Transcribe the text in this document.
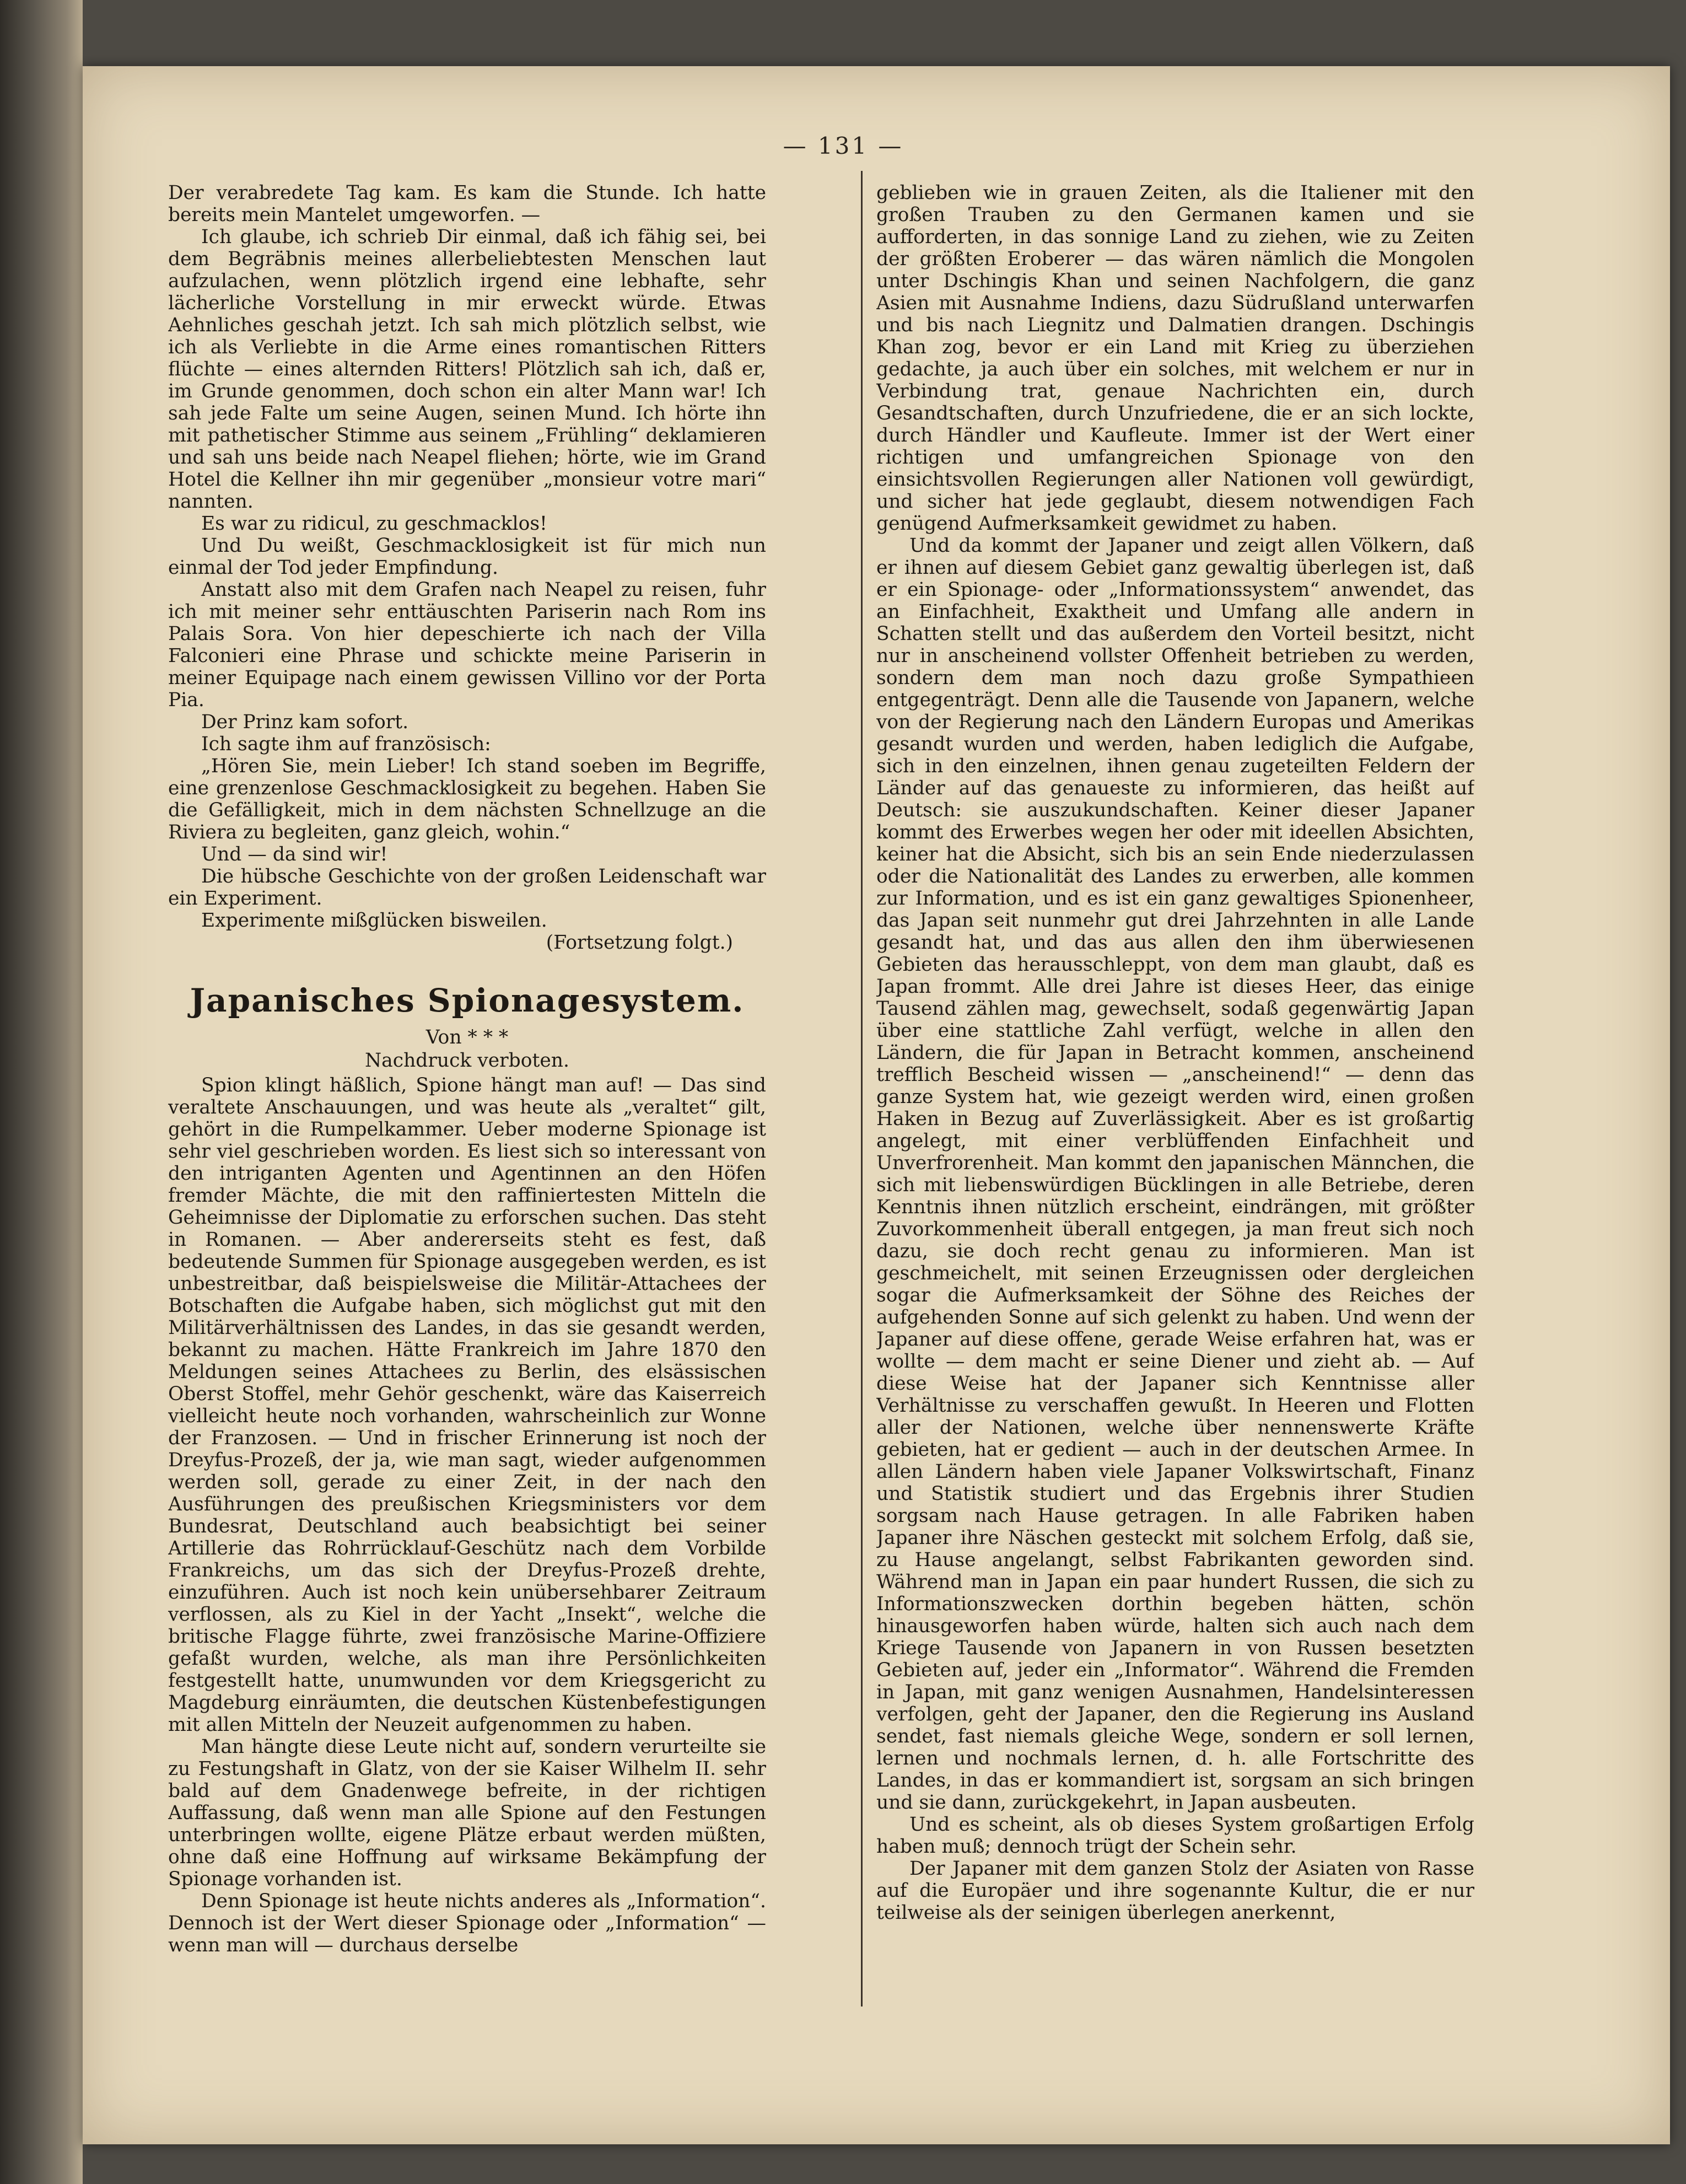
— 131 —

Der verabredete Tag kam. Es kam die Stunde. Ich hatte bereits mein Mantelet umgeworfen. —

Ich glaube, ich schrieb Dir einmal, daß ich fähig sei, bei dem Begräbnis meines allerbeliebtesten Menschen laut aufzulachen, wenn plötzlich irgend eine lebhafte, sehr lächerliche Vorstellung in mir erweckt würde. Etwas Aehnliches geschah jetzt. Ich sah mich plötzlich selbst, wie ich als Verliebte in die Arme eines romantischen Ritters flüchte — eines alternden Ritters! Plötzlich sah ich, daß er, im Grunde genommen, doch schon ein alter Mann war! Ich sah jede Falte um seine Augen, seinen Mund. Ich hörte ihn mit pathetischer Stimme aus seinem „Frühling“ deklamieren und sah uns beide nach Neapel fliehen; hörte, wie im Grand Hotel die Kellner ihn mir gegenüber „monsieur votre mari“ nannten.

Es war zu ridicul, zu geschmacklos!

Und Du weißt, Geschmacklosigkeit ist für mich nun einmal der Tod jeder Empfindung.

Anstatt also mit dem Grafen nach Neapel zu reisen, fuhr ich mit meiner sehr enttäuschten Pariserin nach Rom ins Palais Sora. Von hier depeschierte ich nach der Villa Falconieri eine Phrase und schickte meine Pariserin in meiner Equipage nach einem gewissen Villino vor der Porta Pia.

Der Prinz kam sofort.

Ich sagte ihm auf französisch:

„Hören Sie, mein Lieber! Ich stand soeben im Begriffe, eine grenzenlose Geschmacklosigkeit zu begehen. Haben Sie die Gefälligkeit, mich in dem nächsten Schnellzuge an die Riviera zu begleiten, ganz gleich, wohin.“

Und — da sind wir!

Die hübsche Geschichte von der großen Leidenschaft war ein Experiment.

Experimente mißglücken bisweilen.

(Fortsetzung folgt.)

Japanisches Spionagesystem.
Von * * *
Nachdruck verboten.

Spion klingt häßlich, Spione hängt man auf! — Das sind veraltete Anschauungen, und was heute als „veraltet“ gilt, gehört in die Rumpelkammer. Ueber moderne Spionage ist sehr viel geschrieben worden. Es liest sich so interessant von den intriganten Agenten und Agentinnen an den Höfen fremder Mächte, die mit den raffiniertesten Mitteln die Geheimnisse der Diplomatie zu erforschen suchen. Das steht in Romanen. — Aber andererseits steht es fest, daß bedeutende Summen für Spionage ausgegeben werden, es ist unbestreitbar, daß beispielsweise die Militär-Attachees der Botschaften die Aufgabe haben, sich möglichst gut mit den Militärverhältnissen des Landes, in das sie gesandt werden, bekannt zu machen. Hätte Frankreich im Jahre 1870 den Meldungen seines Attachees zu Berlin, des elsässischen Oberst Stoffel, mehr Gehör geschenkt, wäre das Kaiserreich vielleicht heute noch vorhanden, wahrscheinlich zur Wonne der Franzosen. — Und in frischer Erinnerung ist noch der Dreyfus-Prozeß, der ja, wie man sagt, wieder aufgenommen werden soll, gerade zu einer Zeit, in der nach den Ausführungen des preußischen Kriegsministers vor dem Bundesrat, Deutschland auch beabsichtigt bei seiner Artillerie das Rohrrücklauf-Geschütz nach dem Vorbilde Frankreichs, um das sich der Dreyfus-Prozeß drehte, einzuführen. Auch ist noch kein unübersehbarer Zeitraum verflossen, als zu Kiel in der Yacht „Insekt“, welche die britische Flagge führte, zwei französische Marine-Offiziere gefaßt wurden, welche, als man ihre Persönlichkeiten festgestellt hatte, unumwunden vor dem Kriegsgericht zu Magdeburg einräumten, die deutschen Küstenbefestigungen mit allen Mitteln der Neuzeit aufgenommen zu haben.

Man hängte diese Leute nicht auf, sondern verurteilte sie zu Festungshaft in Glatz, von der sie Kaiser Wilhelm II. sehr bald auf dem Gnadenwege befreite, in der richtigen Auffassung, daß wenn man alle Spione auf den Festungen unterbringen wollte, eigene Plätze erbaut werden müßten, ohne daß eine Hoffnung auf wirksame Bekämpfung der Spionage vorhanden ist.

Denn Spionage ist heute nichts anderes als „Information“. Dennoch ist der Wert dieser Spionage oder „Information“ — wenn man will — durchaus derselbe

geblieben wie in grauen Zeiten, als die Italiener mit den großen Trauben zu den Germanen kamen und sie aufforderten, in das sonnige Land zu ziehen, wie zu Zeiten der größten Eroberer — das wären nämlich die Mongolen unter Dschingis Khan und seinen Nachfolgern, die ganz Asien mit Ausnahme Indiens, dazu Südrußland unterwarfen und bis nach Liegnitz und Dalmatien drangen. Dschingis Khan zog, bevor er ein Land mit Krieg zu überziehen gedachte, ja auch über ein solches, mit welchem er nur in Verbindung trat, genaue Nachrichten ein, durch Gesandtschaften, durch Unzufriedene, die er an sich lockte, durch Händler und Kaufleute. Immer ist der Wert einer richtigen und umfangreichen Spionage von den einsichtsvollen Regierungen aller Nationen voll gewürdigt, und sicher hat jede geglaubt, diesem notwendigen Fach genügend Aufmerksamkeit gewidmet zu haben.

Und da kommt der Japaner und zeigt allen Völkern, daß er ihnen auf diesem Gebiet ganz gewaltig überlegen ist, daß er ein Spionage- oder „Informationssystem“ anwendet, das an Einfachheit, Exaktheit und Umfang alle andern in Schatten stellt und das außerdem den Vorteil besitzt, nicht nur in anscheinend vollster Offenheit betrieben zu werden, sondern dem man noch dazu große Sympathieen entgegenträgt. Denn alle die Tausende von Japanern, welche von der Regierung nach den Ländern Europas und Amerikas gesandt wurden und werden, haben lediglich die Aufgabe, sich in den einzelnen, ihnen genau zugeteilten Feldern der Länder auf das genaueste zu informieren, das heißt auf Deutsch: sie auszukundschaften. Keiner dieser Japaner kommt des Erwerbes wegen her oder mit ideellen Absichten, keiner hat die Absicht, sich bis an sein Ende niederzulassen oder die Nationalität des Landes zu erwerben, alle kommen zur Information, und es ist ein ganz gewaltiges Spionenheer, das Japan seit nunmehr gut drei Jahrzehnten in alle Lande gesandt hat, und das aus allen den ihm überwiesenen Gebieten das herausschleppt, von dem man glaubt, daß es Japan frommt. Alle drei Jahre ist dieses Heer, das einige Tausend zählen mag, gewechselt, sodaß gegenwärtig Japan über eine stattliche Zahl verfügt, welche in allen den Ländern, die für Japan in Betracht kommen, anscheinend trefflich Bescheid wissen — „anscheinend!“ — denn das ganze System hat, wie gezeigt werden wird, einen großen Haken in Bezug auf Zuverlässigkeit. Aber es ist großartig angelegt, mit einer verblüffenden Einfachheit und Unverfrorenheit. Man kommt den japanischen Männchen, die sich mit liebenswürdigen Bücklingen in alle Betriebe, deren Kenntnis ihnen nützlich erscheint, eindrängen, mit größter Zuvorkommenheit überall entgegen, ja man freut sich noch dazu, sie doch recht genau zu informieren. Man ist geschmeichelt, mit seinen Erzeugnissen oder dergleichen sogar die Aufmerksamkeit der Söhne des Reiches der aufgehenden Sonne auf sich gelenkt zu haben. Und wenn der Japaner auf diese offene, gerade Weise erfahren hat, was er wollte — dem macht er seine Diener und zieht ab. — Auf diese Weise hat der Japaner sich Kenntnisse aller Verhältnisse zu verschaffen gewußt. In Heeren und Flotten aller der Nationen, welche über nennenswerte Kräfte gebieten, hat er gedient — auch in der deutschen Armee. In allen Ländern haben viele Japaner Volkswirtschaft, Finanz und Statistik studiert und das Ergebnis ihrer Studien sorgsam nach Hause getragen. In alle Fabriken haben Japaner ihre Näschen gesteckt mit solchem Erfolg, daß sie, zu Hause angelangt, selbst Fabrikanten geworden sind. Während man in Japan ein paar hundert Russen, die sich zu Informationszwecken dorthin begeben hätten, schön hinausgeworfen haben würde, halten sich auch nach dem Kriege Tausende von Japanern in von Russen besetzten Gebieten auf, jeder ein „Informator“. Während die Fremden in Japan, mit ganz wenigen Ausnahmen, Handelsinteressen verfolgen, geht der Japaner, den die Regierung ins Ausland sendet, fast niemals gleiche Wege, sondern er soll lernen, lernen und nochmals lernen, d. h. alle Fortschritte des Landes, in das er kommandiert ist, sorgsam an sich bringen und sie dann, zurückgekehrt, in Japan ausbeuten.

Und es scheint, als ob dieses System großartigen Erfolg haben muß; dennoch trügt der Schein sehr.

Der Japaner mit dem ganzen Stolz der Asiaten von Rasse auf die Europäer und ihre sogenannte Kultur, die er nur teilweise als der seinigen überlegen anerkennt,
